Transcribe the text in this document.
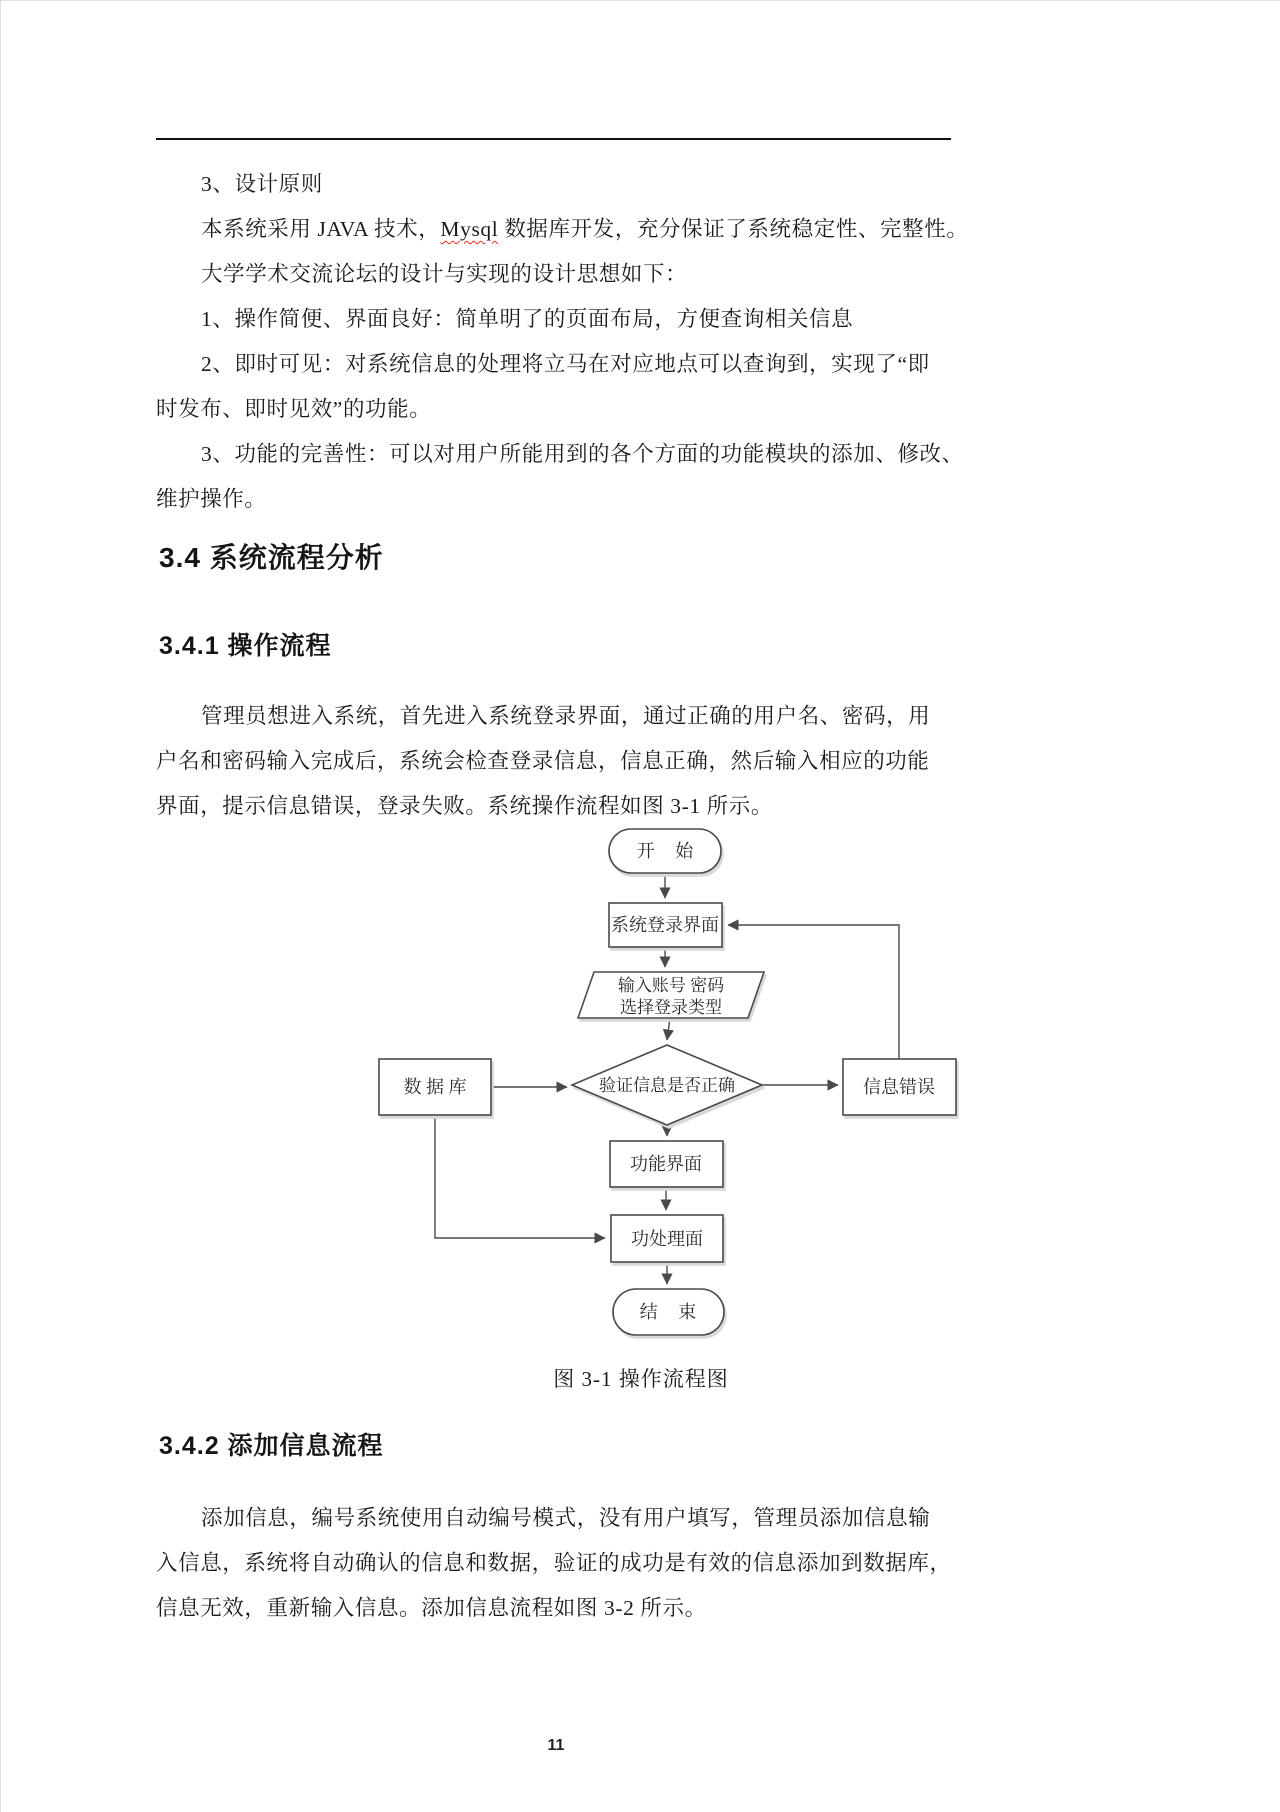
3、设计原则
本系统采用 JAVA 技术，Mysql 数据库开发，充分保证了系统稳定性、完整性。
大学学术交流论坛的设计与实现的设计思想如下：
1、操作简便、界面良好：简单明了的页面布局，方便查询相关信息
2、即时可见：对系统信息的处理将立马在对应地点可以查询到，实现了“即
时发布、即时见效”的功能。
3、功能的完善性：可以对用户所能用到的各个方面的功能模块的添加、修改、
维护操作。
3.4 系统流程分析
3.4.1 操作流程
管理员想进入系统，首先进入系统登录界面，通过正确的用户名、密码，用
户名和密码输入完成后，系统会检查登录信息，信息正确，然后输入相应的功能
界面，提示信息错误，登录失败。系统操作流程如图 3-1 所示。
开 始
系统登录界面
输入账号 密码
选择登录类型
验证信息是否正确
数 据 库	信息错误
功能界面
功处理面
结 束
图 3-1 操作流程图
3.4.2 添加信息流程
添加信息，编号系统使用自动编号模式，没有用户填写，管理员添加信息输
入信息，系统将自动确认的信息和数据，验证的成功是有效的信息添加到数据库，
信息无效，重新输入信息。添加信息流程如图 3-2 所示。
11
